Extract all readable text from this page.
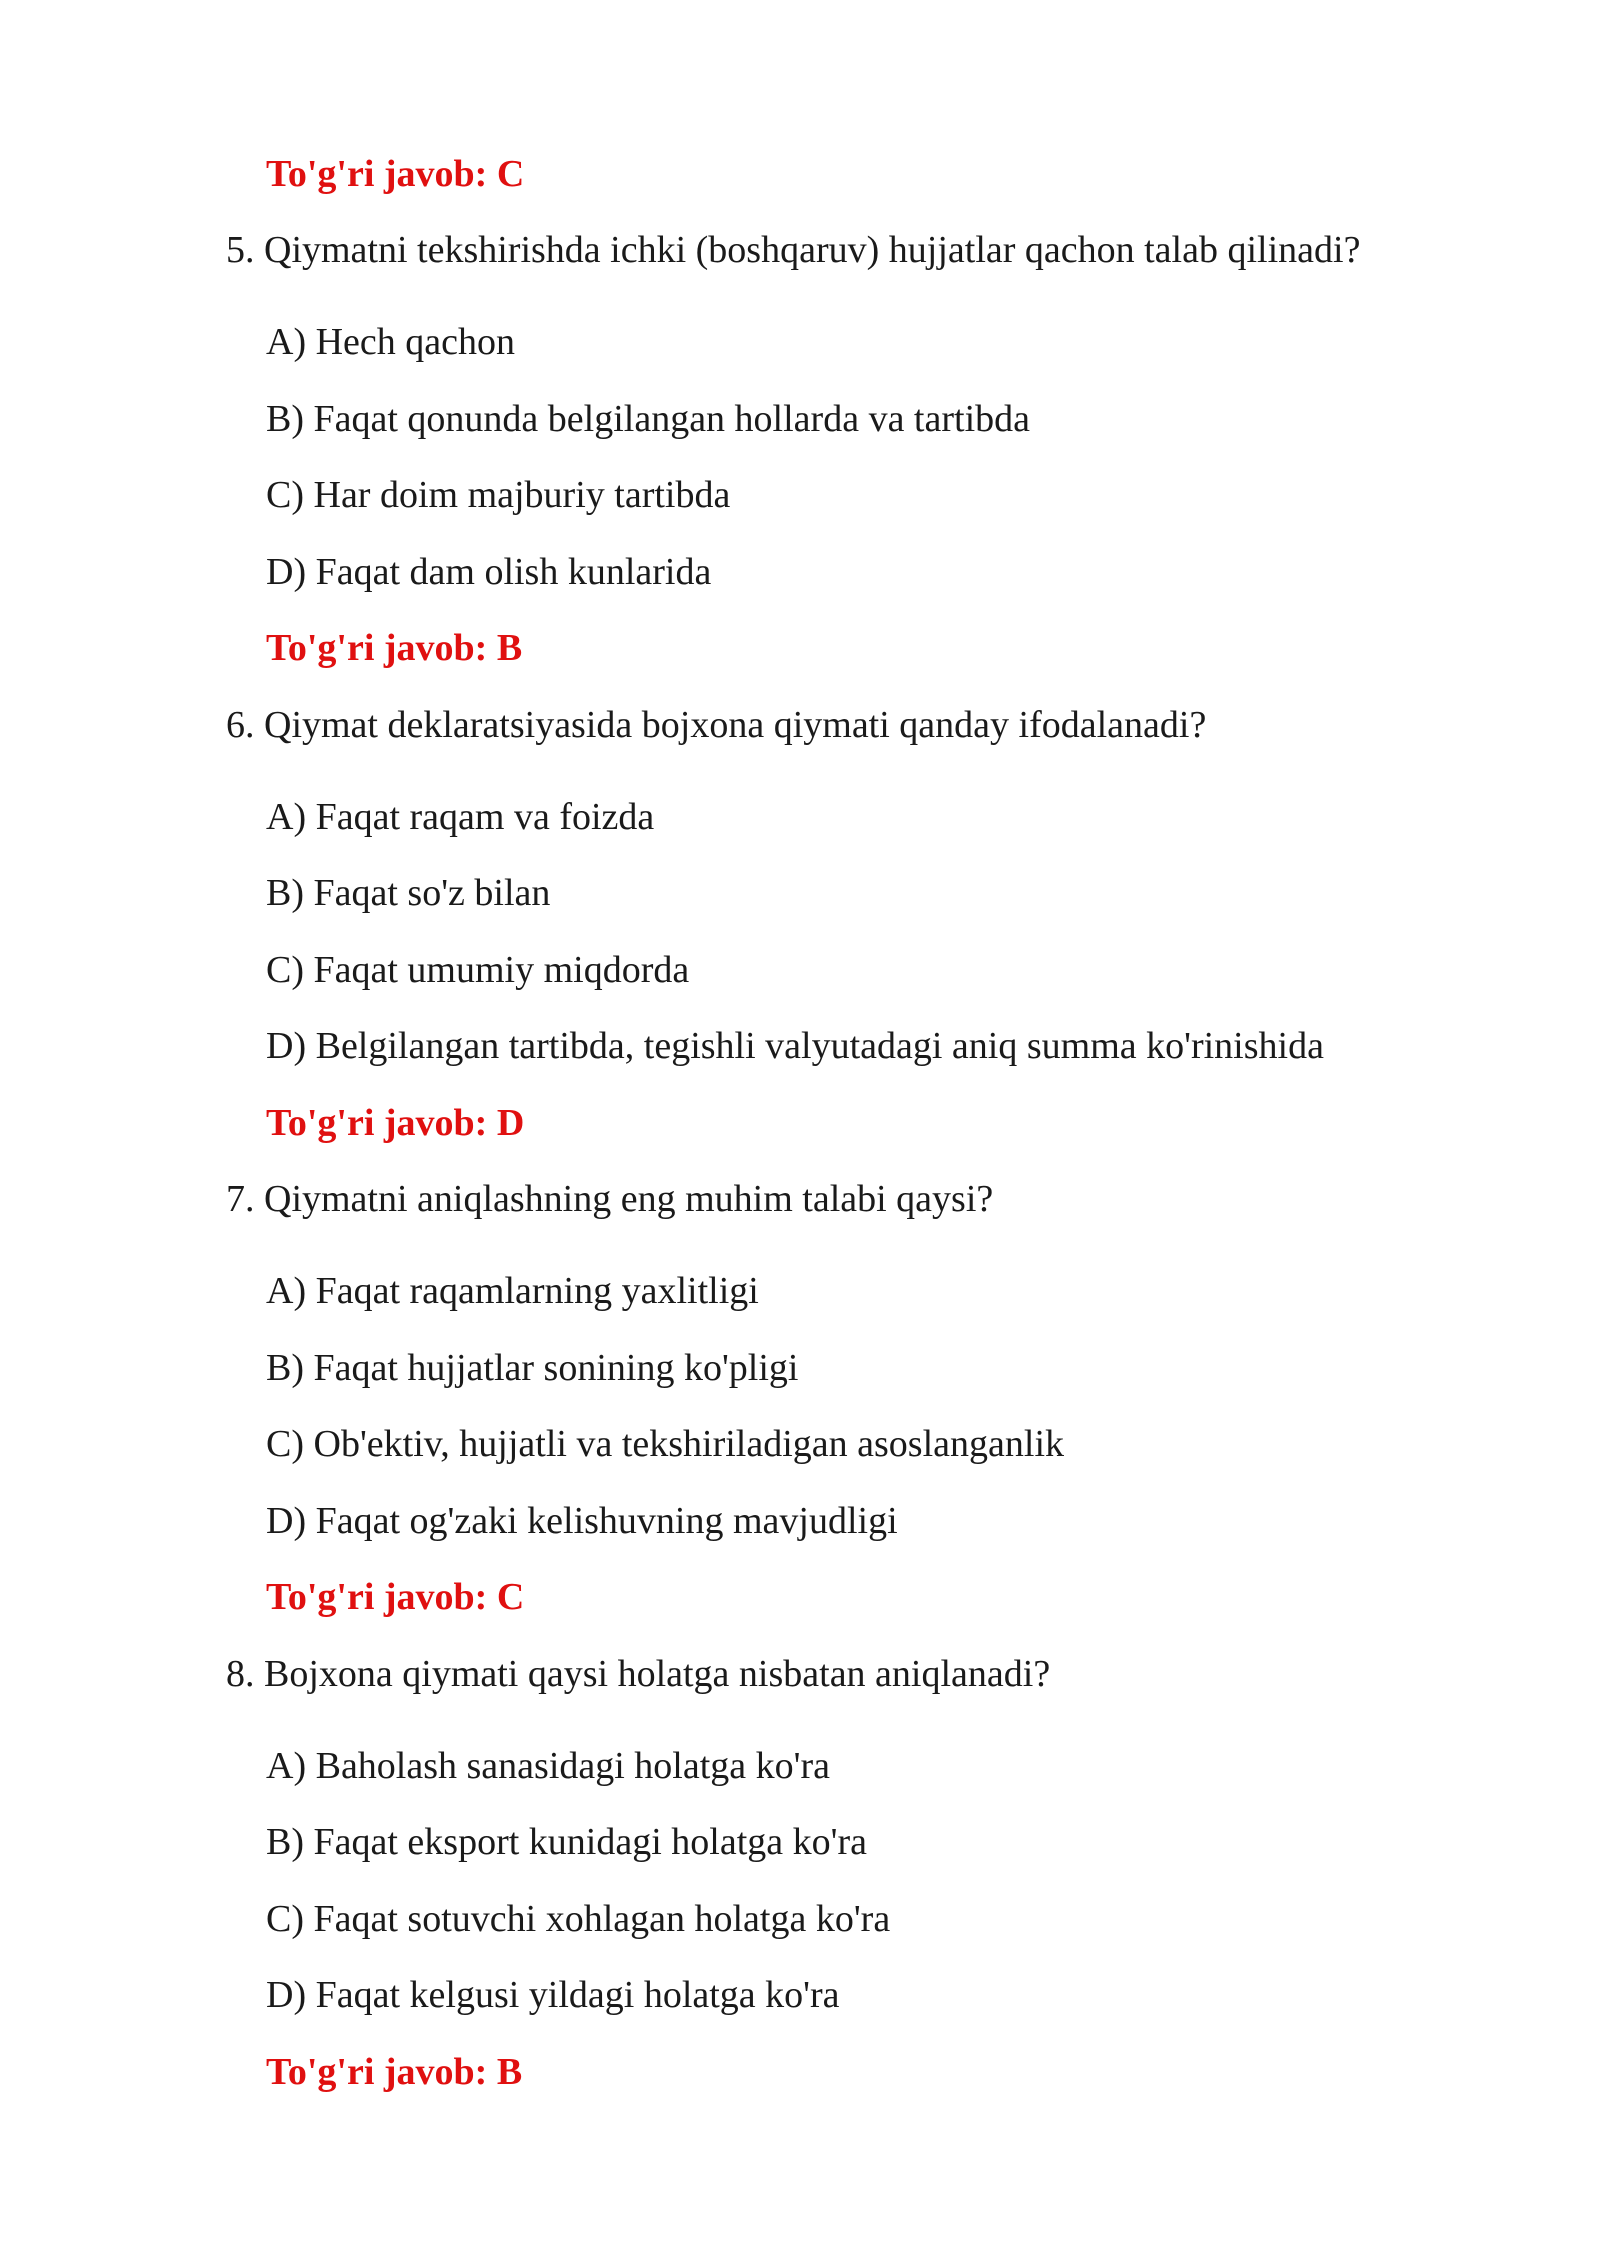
To'g'ri javob: C
5. Qiymatni tekshirishda ichki (boshqaruv) hujjatlar qachon talab qilinadi?
A) Hech qachon
B) Faqat qonunda belgilangan hollarda va tartibda
C) Har doim majburiy tartibda
D) Faqat dam olish kunlarida
To'g'ri javob: B
6. Qiymat deklaratsiyasida bojxona qiymati qanday ifodalanadi?
A) Faqat raqam va foizda
B) Faqat so'z bilan
C) Faqat umumiy miqdorda
D) Belgilangan tartibda, tegishli valyutadagi aniq summa ko'rinishida
To'g'ri javob: D
7. Qiymatni aniqlashning eng muhim talabi qaysi?
A) Faqat raqamlarning yaxlitligi
B) Faqat hujjatlar sonining ko'pligi
C) Ob'ektiv, hujjatli va tekshiriladigan asoslanganlik
D) Faqat og'zaki kelishuvning mavjudligi
To'g'ri javob: C
8. Bojxona qiymati qaysi holatga nisbatan aniqlanadi?
A) Baholash sanasidagi holatga ko'ra
B) Faqat eksport kunidagi holatga ko'ra
C) Faqat sotuvchi xohlagan holatga ko'ra
D) Faqat kelgusi yildagi holatga ko'ra
To'g'ri javob: B
